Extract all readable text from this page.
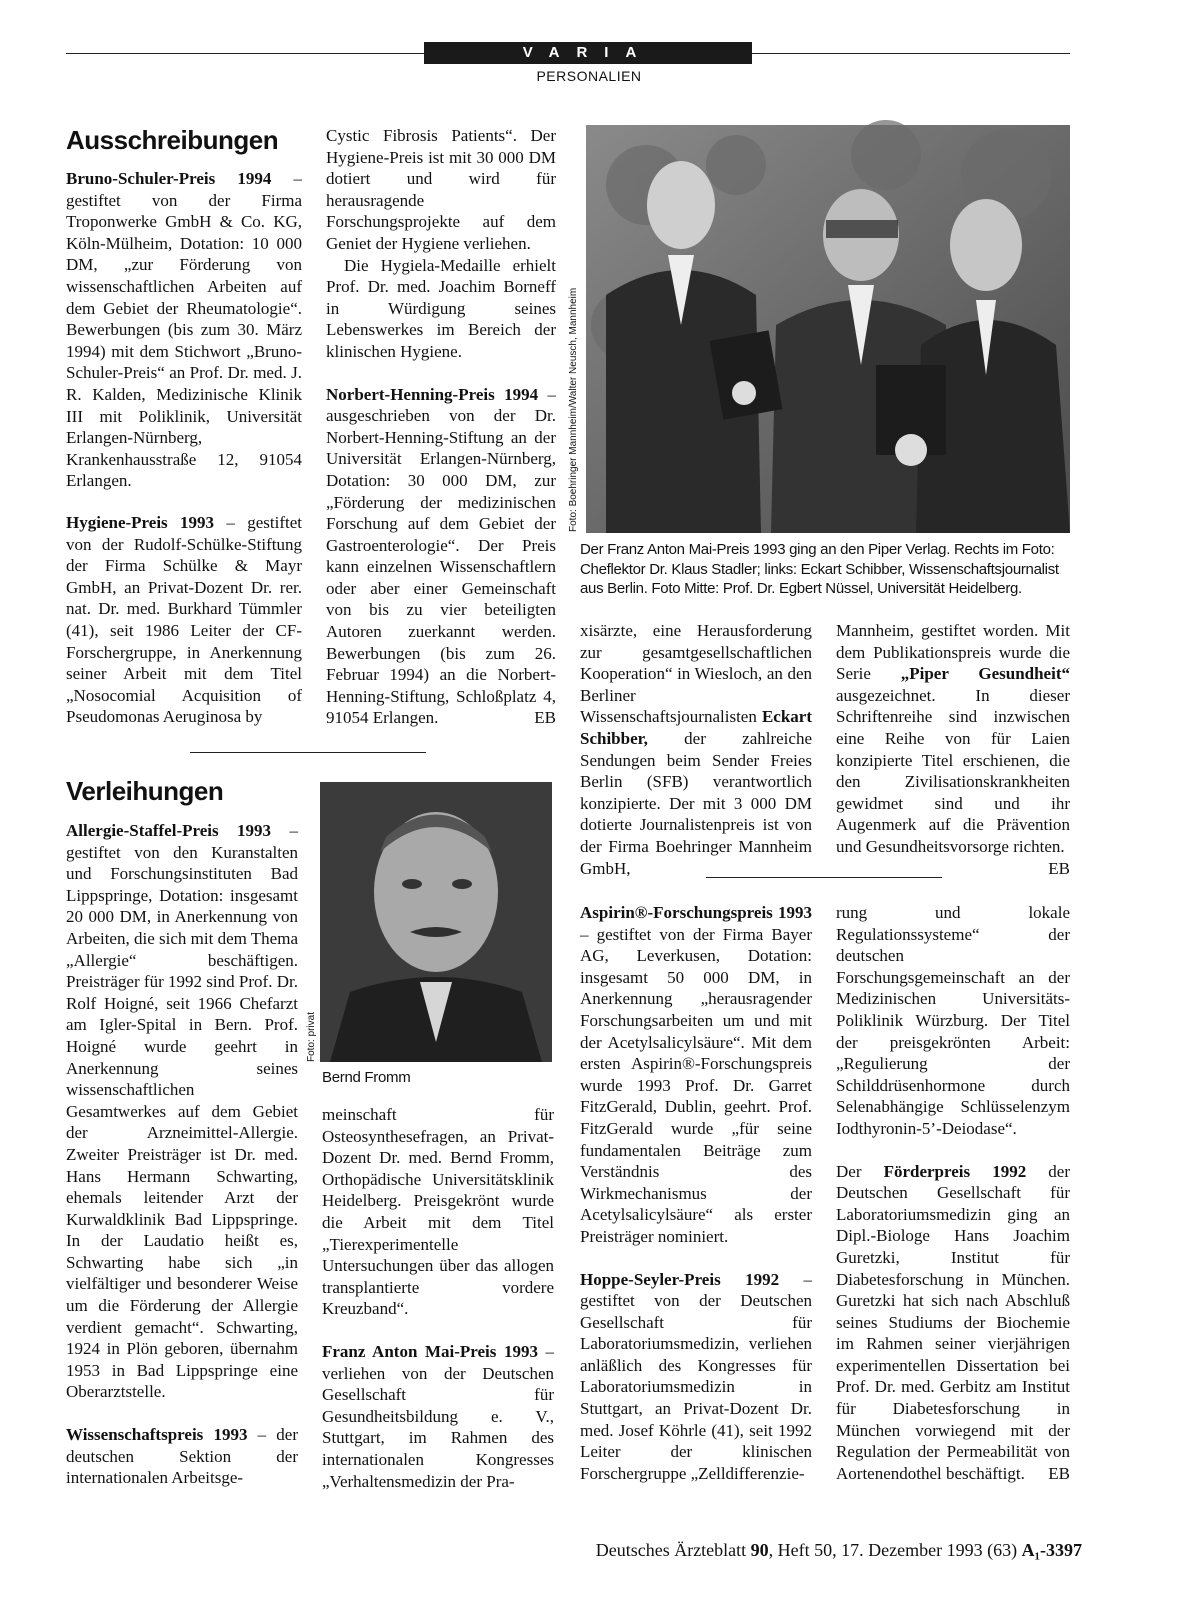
VARIA
PERSONALIEN
Ausschreibungen

Bruno-Schuler-Preis 1994 – gestiftet von der Firma Troponwerke GmbH & Co. KG, Köln-Mülheim, Dotation: 10 000 DM, „zur Förderung von wissenschaftlichen Arbeiten auf dem Gebiet der Rheumatologie“. Bewerbungen (bis zum 30. März 1994) mit dem Stichwort „Bruno-Schuler-Preis“ an Prof. Dr. med. J. R. Kalden, Medizinische Klinik III mit Poliklinik, Universität Erlangen-Nürnberg, Krankenhausstraße 12, 91054 Erlangen.

Hygiene-Preis 1993 – gestiftet von der Rudolf-Schülke-Stiftung der Firma Schülke & Mayr GmbH, an Privat-Dozent Dr. rer. nat. Dr. med. Burkhard Tümmler (41), seit 1986 Leiter der CF-Forschergruppe, in Anerkennung seiner Arbeit mit dem Titel „Nosocomial Acquisition of Pseudomonas Aeruginosa by

Cystic Fibrosis Patients“. Der Hygiene-Preis ist mit 30 000 DM dotiert und wird für herausragende Forschungsprojekte auf dem Geniet der Hygiene verliehen.

Die Hygiela-Medaille erhielt Prof. Dr. med. Joachim Borneff in Würdigung seines Lebenswerkes im Bereich der klinischen Hygiene.

Norbert-Henning-Preis 1994 – ausgeschrieben von der Dr. Norbert-Henning-Stiftung an der Universität Erlangen-Nürnberg, Dotation: 30 000 DM, zur „Förderung der medizinischen Forschung auf dem Gebiet der Gastroenterologie“. Der Preis kann einzelnen Wissenschaftlern oder aber einer Gemeinschaft von bis zu vier beteiligten Autoren zuerkannt werden. Bewerbungen (bis zum 26. Februar 1994) an die Norbert-Henning-Stiftung, Schloßplatz 4, 91054 Erlangen.	EB

Foto: Boehringer Mannheim/Walter Neusch, Mannheim
Der Franz Anton Mai-Preis 1993 ging an den Piper Verlag. Rechts im Foto: Cheflektor Dr. Klaus Stadler; links: Eckart Schibber, Wissenschaftsjournalist aus Berlin. Foto Mitte: Prof. Dr. Egbert Nüssel, Universität Heidelberg.
Verleihungen

Allergie-Staffel-Preis 1993 – gestiftet von den Kuranstalten und Forschungsinstituten Bad Lippspringe, Dotation: insgesamt 20 000 DM, in Anerkennung von Arbeiten, die sich mit dem Thema „Allergie“ beschäftigen. Preisträger für 1992 sind Prof. Dr. Rolf Hoigné, seit 1966 Chefarzt am Igler-Spital in Bern. Prof. Hoigné wurde geehrt in Anerkennung seines wissenschaftlichen Gesamtwerkes auf dem Gebiet der Arzneimittel-Allergie. Zweiter Preisträger ist Dr. med. Hans Hermann Schwarting, ehemals leitender Arzt der Kurwaldklinik Bad Lippspringe. In der Laudatio heißt es, Schwarting habe sich „in vielfältiger und besonderer Weise um die Förderung der Allergie verdient gemacht“. Schwarting, 1924 in Plön geboren, übernahm 1953 in Bad Lippspringe eine Oberarztstelle.

Wissenschaftspreis 1993 – der deutschen Sektion der internationalen Arbeitsge-

Foto: privat
Bernd Fromm

meinschaft für Osteosynthesefragen, an Privat-Dozent Dr. med. Bernd Fromm, Orthopädische Universitätsklinik Heidelberg. Preisgekrönt wurde die Arbeit mit dem Titel „Tierexperimentelle Untersuchungen über das allogen transplantierte vordere Kreuzband“.

Franz Anton Mai-Preis 1993 – verliehen von der Deutschen Gesellschaft für Gesundheitsbildung e. V., Stuttgart, im Rahmen des internationalen Kongresses „Verhaltensmedizin der Pra-

xisärzte, eine Herausforderung zur gesamtgesellschaftlichen Kooperation“ in Wiesloch, an den Berliner Wissenschaftsjournalisten Eckart Schibber, der zahlreiche Sendungen beim Sender Freies Berlin (SFB) verantwortlich konzipierte. Der mit 3 000 DM dotierte Journalistenpreis ist von der Firma Boehringer Mannheim GmbH,

Mannheim, gestiftet worden. Mit dem Publikationspreis wurde die Serie „Piper Gesundheit“ ausgezeichnet. In dieser Schriftenreihe sind inzwischen eine Reihe von für Laien konzipierte Titel erschienen, die den Zivilisationskrankheiten gewidmet sind und ihr Augenmerk auf die Prävention und Gesundheitsvorsorge richten.
EB

Aspirin®-Forschungspreis 1993 – gestiftet von der Firma Bayer AG, Leverkusen, Dotation: insgesamt 50 000 DM, in Anerkennung „herausragender Forschungsarbeiten um und mit der Acetylsalicylsäure“. Mit dem ersten Aspirin®-Forschungspreis wurde 1993 Prof. Dr. Garret FitzGerald, Dublin, geehrt. Prof. FitzGerald wurde „für seine fundamentalen Beiträge zum Verständnis des Wirkmechanismus der Acetylsalicylsäure“ als erster Preisträger nominiert.

Hoppe-Seyler-Preis 1992 – gestiftet von der Deutschen Gesellschaft für Laboratoriumsmedizin, verliehen anläßlich des Kongresses für Laboratoriumsmedizin in Stuttgart, an Privat-Dozent Dr. med. Josef Köhrle (41), seit 1992 Leiter der klinischen Forschergruppe „Zelldifferenzie-

rung und lokale Regulationssysteme“ der deutschen Forschungsgemeinschaft an der Medizinischen Universitäts-Poliklinik Würzburg. Der Titel der preisgekrönten Arbeit: „Regulierung der Schilddrüsenhormone durch Selenabhängige Schlüsselenzym Iodthyronin-5’-Deiodase“.

Der Förderpreis 1992 der Deutschen Gesellschaft für Laboratoriumsmedizin ging an Dipl.-Biologe Hans Joachim Guretzki, Institut für Diabetesforschung in München. Guretzki hat sich nach Abschluß seines Studiums der Biochemie im Rahmen seiner vierjährigen experimentellen Dissertation bei Prof. Dr. med. Gerbitz am Institut für Diabetesforschung in München vorwiegend mit der Regulation der Permeabilität von Aortenendothel beschäftigt. EB

Deutsches Ärzteblatt 90, Heft 50, 17. Dezember 1993 (63) A₁-3397
